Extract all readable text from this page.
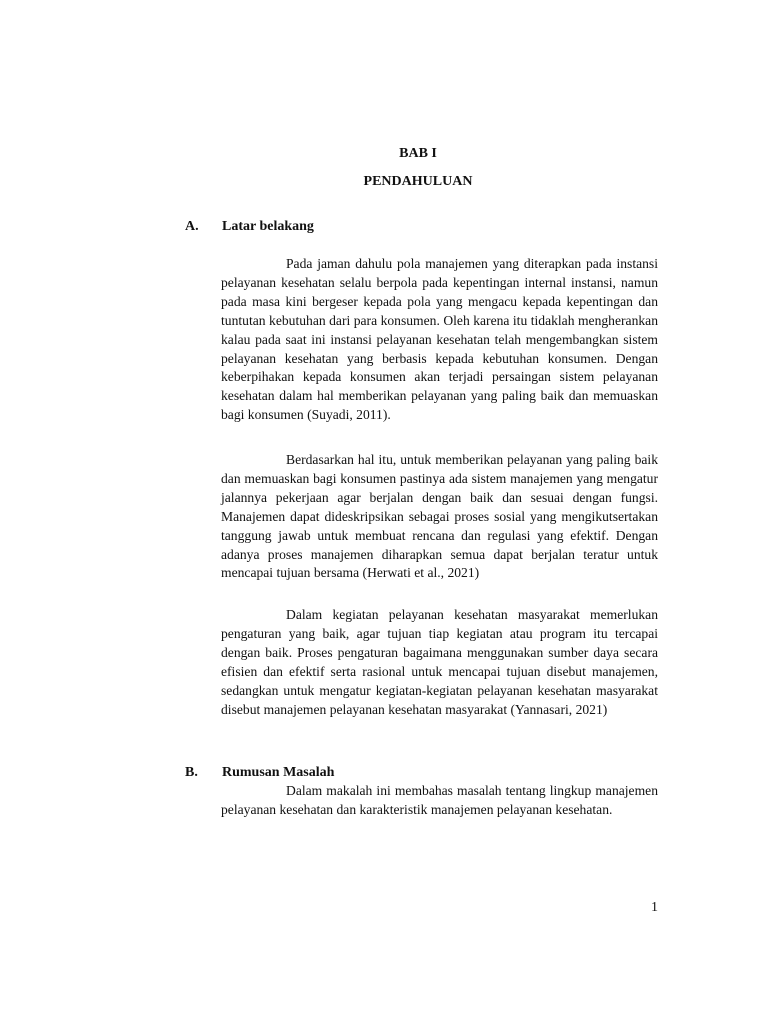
BAB I
PENDAHULUAN
A. Latar belakang

Pada jaman dahulu pola manajemen yang diterapkan pada instansi pelayanan kesehatan selalu berpola pada kepentingan internal instansi, namun pada masa kini bergeser kepada pola yang mengacu kepada kepentingan dan tuntutan kebutuhan dari para konsumen. Oleh karena itu tidaklah mengherankan kalau pada saat ini instansi pelayanan kesehatan telah mengembangkan sistem pelayanan kesehatan yang berbasis kepada kebutuhan konsumen. Dengan keberpihakan kepada konsumen akan terjadi persaingan sistem pelayanan kesehatan dalam hal memberikan pelayanan yang paling baik dan memuaskan bagi konsumen (Suyadi, 2011).

Berdasarkan hal itu, untuk memberikan pelayanan yang paling baik dan memuaskan bagi konsumen pastinya ada sistem manajemen yang mengatur jalannya pekerjaan agar berjalan dengan baik dan sesuai dengan fungsi. Manajemen dapat dideskripsikan sebagai proses sosial yang mengikutsertakan tanggung jawab untuk membuat rencana dan regulasi yang efektif. Dengan adanya proses manajemen diharapkan semua dapat berjalan teratur untuk mencapai tujuan bersama (Herwati et al., 2021)

Dalam kegiatan pelayanan kesehatan masyarakat memerlukan pengaturan yang baik, agar tujuan tiap kegiatan atau program itu tercapai dengan baik. Proses pengaturan bagaimana menggunakan sumber daya secara efisien dan efektif serta rasional untuk mencapai tujuan disebut manajemen, sedangkan untuk mengatur kegiatan-kegiatan pelayanan kesehatan masyarakat disebut manajemen pelayanan kesehatan masyarakat (Yannasari, 2021)

B. Rumusan Masalah

Dalam makalah ini membahas masalah tentang lingkup manajemen pelayanan kesehatan dan karakteristik manajemen pelayanan kesehatan.

1
